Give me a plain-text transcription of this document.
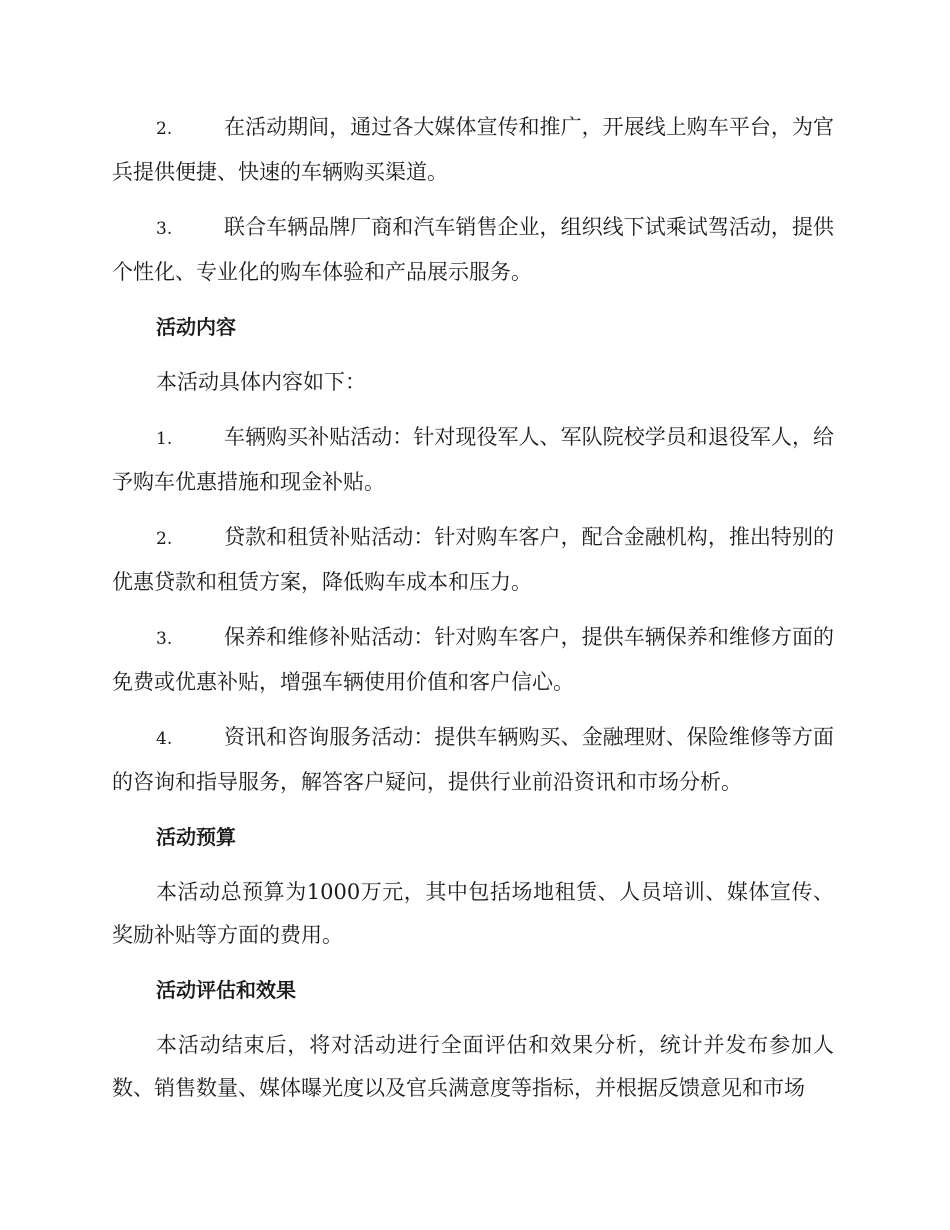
2. 在活动期间，通过各大媒体宣传和推广，开展线上购车平台，为官兵提供便捷、快速的车辆购买渠道。

3. 联合车辆品牌厂商和汽车销售企业，组织线下试乘试驾活动，提供个性化、专业化的购车体验和产品展示服务。

活动内容

本活动具体内容如下：

1. 车辆购买补贴活动：针对现役军人、军队院校学员和退役军人，给予购车优惠措施和现金补贴。

2. 贷款和租赁补贴活动：针对购车客户，配合金融机构，推出特别的优惠贷款和租赁方案，降低购车成本和压力。

3. 保养和维修补贴活动：针对购车客户，提供车辆保养和维修方面的免费或优惠补贴，增强车辆使用价值和客户信心。

4. 资讯和咨询服务活动：提供车辆购买、金融理财、保险维修等方面的咨询和指导服务，解答客户疑问，提供行业前沿资讯和市场分析。

活动预算

本活动总预算为1000万元，其中包括场地租赁、人员培训、媒体宣传、奖励补贴等方面的费用。

活动评估和效果

本活动结束后，将对活动进行全面评估和效果分析，统计并发布参加人数、销售数量、媒体曝光度以及官兵满意度等指标，并根据反馈意见和市场
